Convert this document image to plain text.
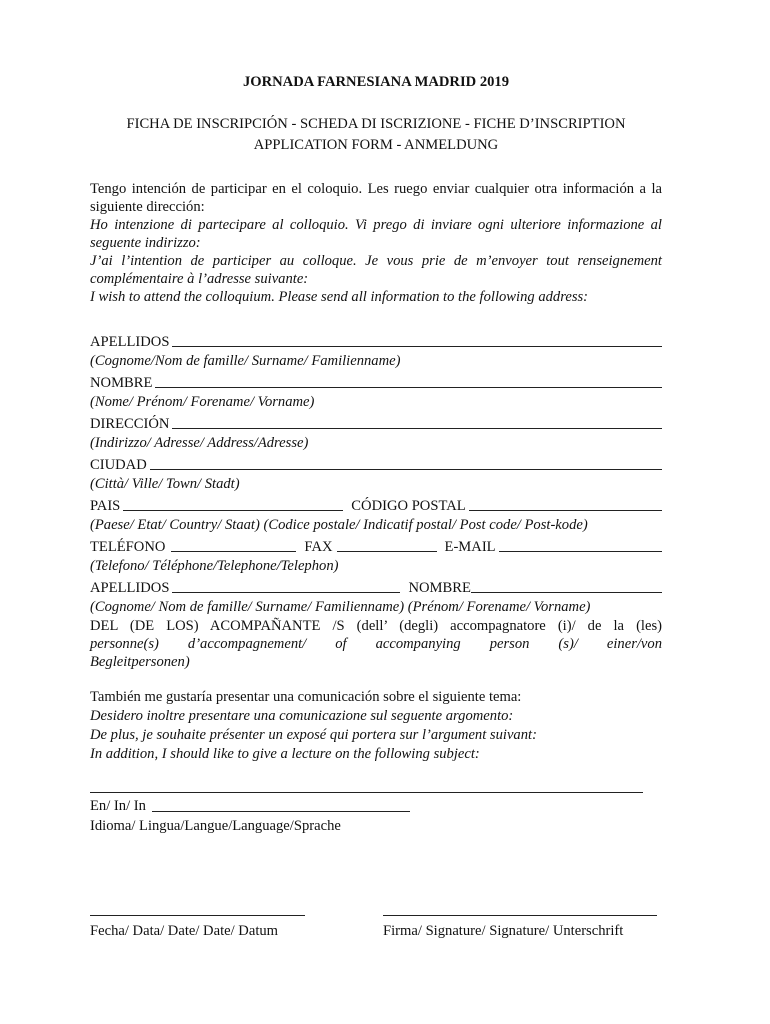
JORNADA FARNESIANA MADRID 2019

FICHA DE INSCRIPCIÓN - SCHEDA DI ISCRIZIONE - FICHE D’INSCRIPTION
APPLICATION FORM - ANMELDUNG

Tengo intención de participar en el coloquio. Les ruego enviar cualquier otra información a la siguiente dirección:

Ho intenzione di partecipare al colloquio. Vi prego di inviare ogni ulteriore informazione al seguente indirizzo:

J’ai l’intention de participer au colloque. Je vous prie de m’envoyer tout renseignement complémentaire à l’adresse suivante:

I wish to attend the colloquium. Please send all information to the following address:

APELLIDOS
(Cognome/Nom de famille/ Surname/ Familienname)
NOMBRE
(Nome/ Prénom/ Forename/ Vorname)
DIRECCIÓN
(Indirizzo/ Adresse/ Address/Adresse)
CIUDAD
(Città/ Ville/ Town/ Stadt)
PAIS	CÓDIGO POSTAL
(Paese/ Etat/ Country/ Staat) (Codice postale/ Indicatif postal/ Post code/ Post-kode)
TELÉFONO	FAX	E-MAIL
(Telefono/ Téléphone/Telephone/Telephon)
APELLIDOS	NOMBRE
(Cognome/ Nom de famille/ Surname/ Familienname) (Prénom/ Forename/ Vorname)
DEL (DE LOS) ACOMPAÑANTE /S (dell’ (degli) accompagnatore (i)/ de la (les)
personne(s) d’accompagnement/ of accompanying person (s)/ einer/von
Begleitpersonen)
También me gustaría presentar una comunicación sobre el siguiente tema:
Desidero inoltre presentare una comunicazione sul seguente argomento:
De plus, je souhaite présenter un exposé qui portera sur l’argument suivant:
In addition, I should like to give a lecture on the following subject:
En/ In/ In
Idioma/ Lingua/Langue/Language/Sprache
Fecha/ Data/ Date/ Date/ Datum	Firma/ Signature/ Signature/ Unterschrift
